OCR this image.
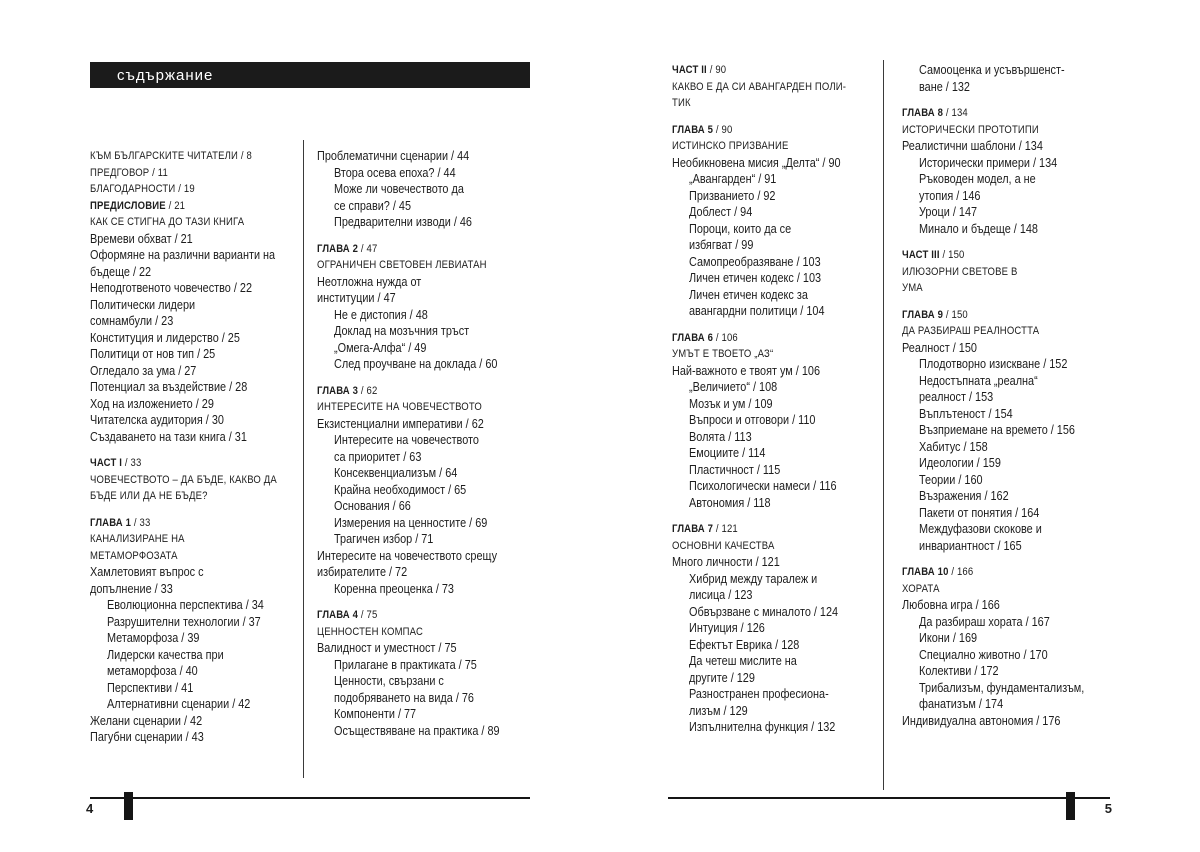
съдържание
КЪМ БЪЛГАРСКИТЕ ЧИТАТЕЛИ / 8
ПРЕДГОВОР / 11
БЛАГОДАРНОСТИ / 19
ПРЕДИСЛОВИЕ / 21
КАК СЕ СТИГНА ДО ТАЗИ КНИГА
Времеви обхват / 21
Оформяне на различни варианти на
бъдеще / 22
Неподготвеното човечество / 22
Политически лидери
сомнамбули / 23
Конституция и лидерство / 25
Политици от нов тип / 25
Огледало за ума / 27
Потенциал за въздействие / 28
Ход на изложението / 29
Читателска аудитория / 30
Създаването на тази книга / 31
ЧАСТ I / 33
ЧОВЕЧЕСТВОТО – ДА БЪДЕ, КАКВО ДА
БЪДЕ ИЛИ ДА НЕ БЪДЕ?
ГЛАВА 1 / 33
КАНАЛИЗИРАНЕ НА
МЕТАМОРФОЗАТА
Хамлетовият въпрос с
допълнение / 33
Еволюционна перспектива / 34
Разрушителни технологии / 37
Метаморфоза / 39
Лидерски качества при
метаморфоза / 40
Перспективи / 41
Алтернативни сценарии / 42
Желани сценарии / 42
Пагубни сценарии / 43
Проблематични сценарии / 44
Втора осева епоха? / 44
Може ли човечеството да
се справи? / 45
Предварителни изводи / 46
ГЛАВА 2 / 47
ОГРАНИЧЕН СВЕТОВЕН ЛЕВИАТАН
Неотложна нужда от
институции / 47
Не е дистопия / 48
Доклад на мозъчния тръст
„Омега-Алфа“ / 49
След проучване на доклада / 60
ГЛАВА 3 / 62
ИНТЕРЕСИТЕ НА ЧОВЕЧЕСТВОТО
Екзистенциални императиви / 62
Интересите на човечеството
са приоритет / 63
Консеквенциализъм / 64
Крайна необходимост / 65
Основания / 66
Измерения на ценностите / 69
Трагичен избор / 71
Интересите на човечеството срещу
избирателите / 72
Коренна преоценка / 73
ГЛАВА 4 / 75
ЦЕННОСТЕН КОМПАС
Валидност и уместност / 75
Прилагане в практиката / 75
Ценности, свързани с
подобряването на вида / 76
Компоненти / 77
Осъществяване на практика / 89
ЧАСТ II / 90
КАКВО Е ДА СИ АВАНГАРДЕН ПОЛИ-
ТИК
ГЛАВА 5 / 90
ИСТИНСКО ПРИЗВАНИЕ
Необикновена мисия „Делта“ / 90
„Авангарден“ / 91
Призванието / 92
Доблест / 94
Пороци, които да се
избягват / 99
Самопреобразяване / 103
Личен етичен кодекс / 103
Личен етичен кодекс за
авангардни политици / 104
ГЛАВА 6 / 106
УМЪТ Е ТВОЕТО „АЗ“
Най-важното е твоят ум / 106
„Величието“ / 108
Мозък и ум / 109
Въпроси и отговори / 110
Волята / 113
Емоциите / 114
Пластичност / 115
Психологически намеси / 116
Автономия / 118
ГЛАВА 7 / 121
ОСНОВНИ КАЧЕСТВА
Много личности / 121
Хибрид между таралеж и
лисица / 123
Обвързване с миналото / 124
Интуиция / 126
Ефектът Еврика / 128
Да четеш мислите на
другите / 129
Разностранен професиона-
лизъм / 129
Изпълнителна функция / 132
Самооценка и усъвършенст-
ване / 132
ГЛАВА 8 / 134
ИСТОРИЧЕСКИ ПРОТОТИПИ
Реалистични шаблони / 134
Исторически примери / 134
Ръководен модел, а не
утопия / 146
Уроци / 147
Минало и бъдеще / 148
ЧАСТ III / 150
ИЛЮЗОРНИ СВЕТОВЕ В
УМА
ГЛАВА 9 / 150
ДА РАЗБИРАШ РЕАЛНОСТТА
Реалност / 150
Плодотворно изискване / 152
Недостъпната „реална“
реалност / 153
Въплътеност / 154
Възприемане на времето / 156
Хабитус / 158
Идеологии / 159
Теории / 160
Възражения / 162
Пакети от понятия / 164
Междуфазови скокове и
инвариантност / 165
ГЛАВА 10 / 166
ХОРАТА
Любовна игра / 166
Да разбираш хората / 167
Икони / 169
Специално животно / 170
Колективи / 172
Трибализъм, фундаментализъм,
фанатизъм / 174
Индивидуална автономия / 176
4	5
